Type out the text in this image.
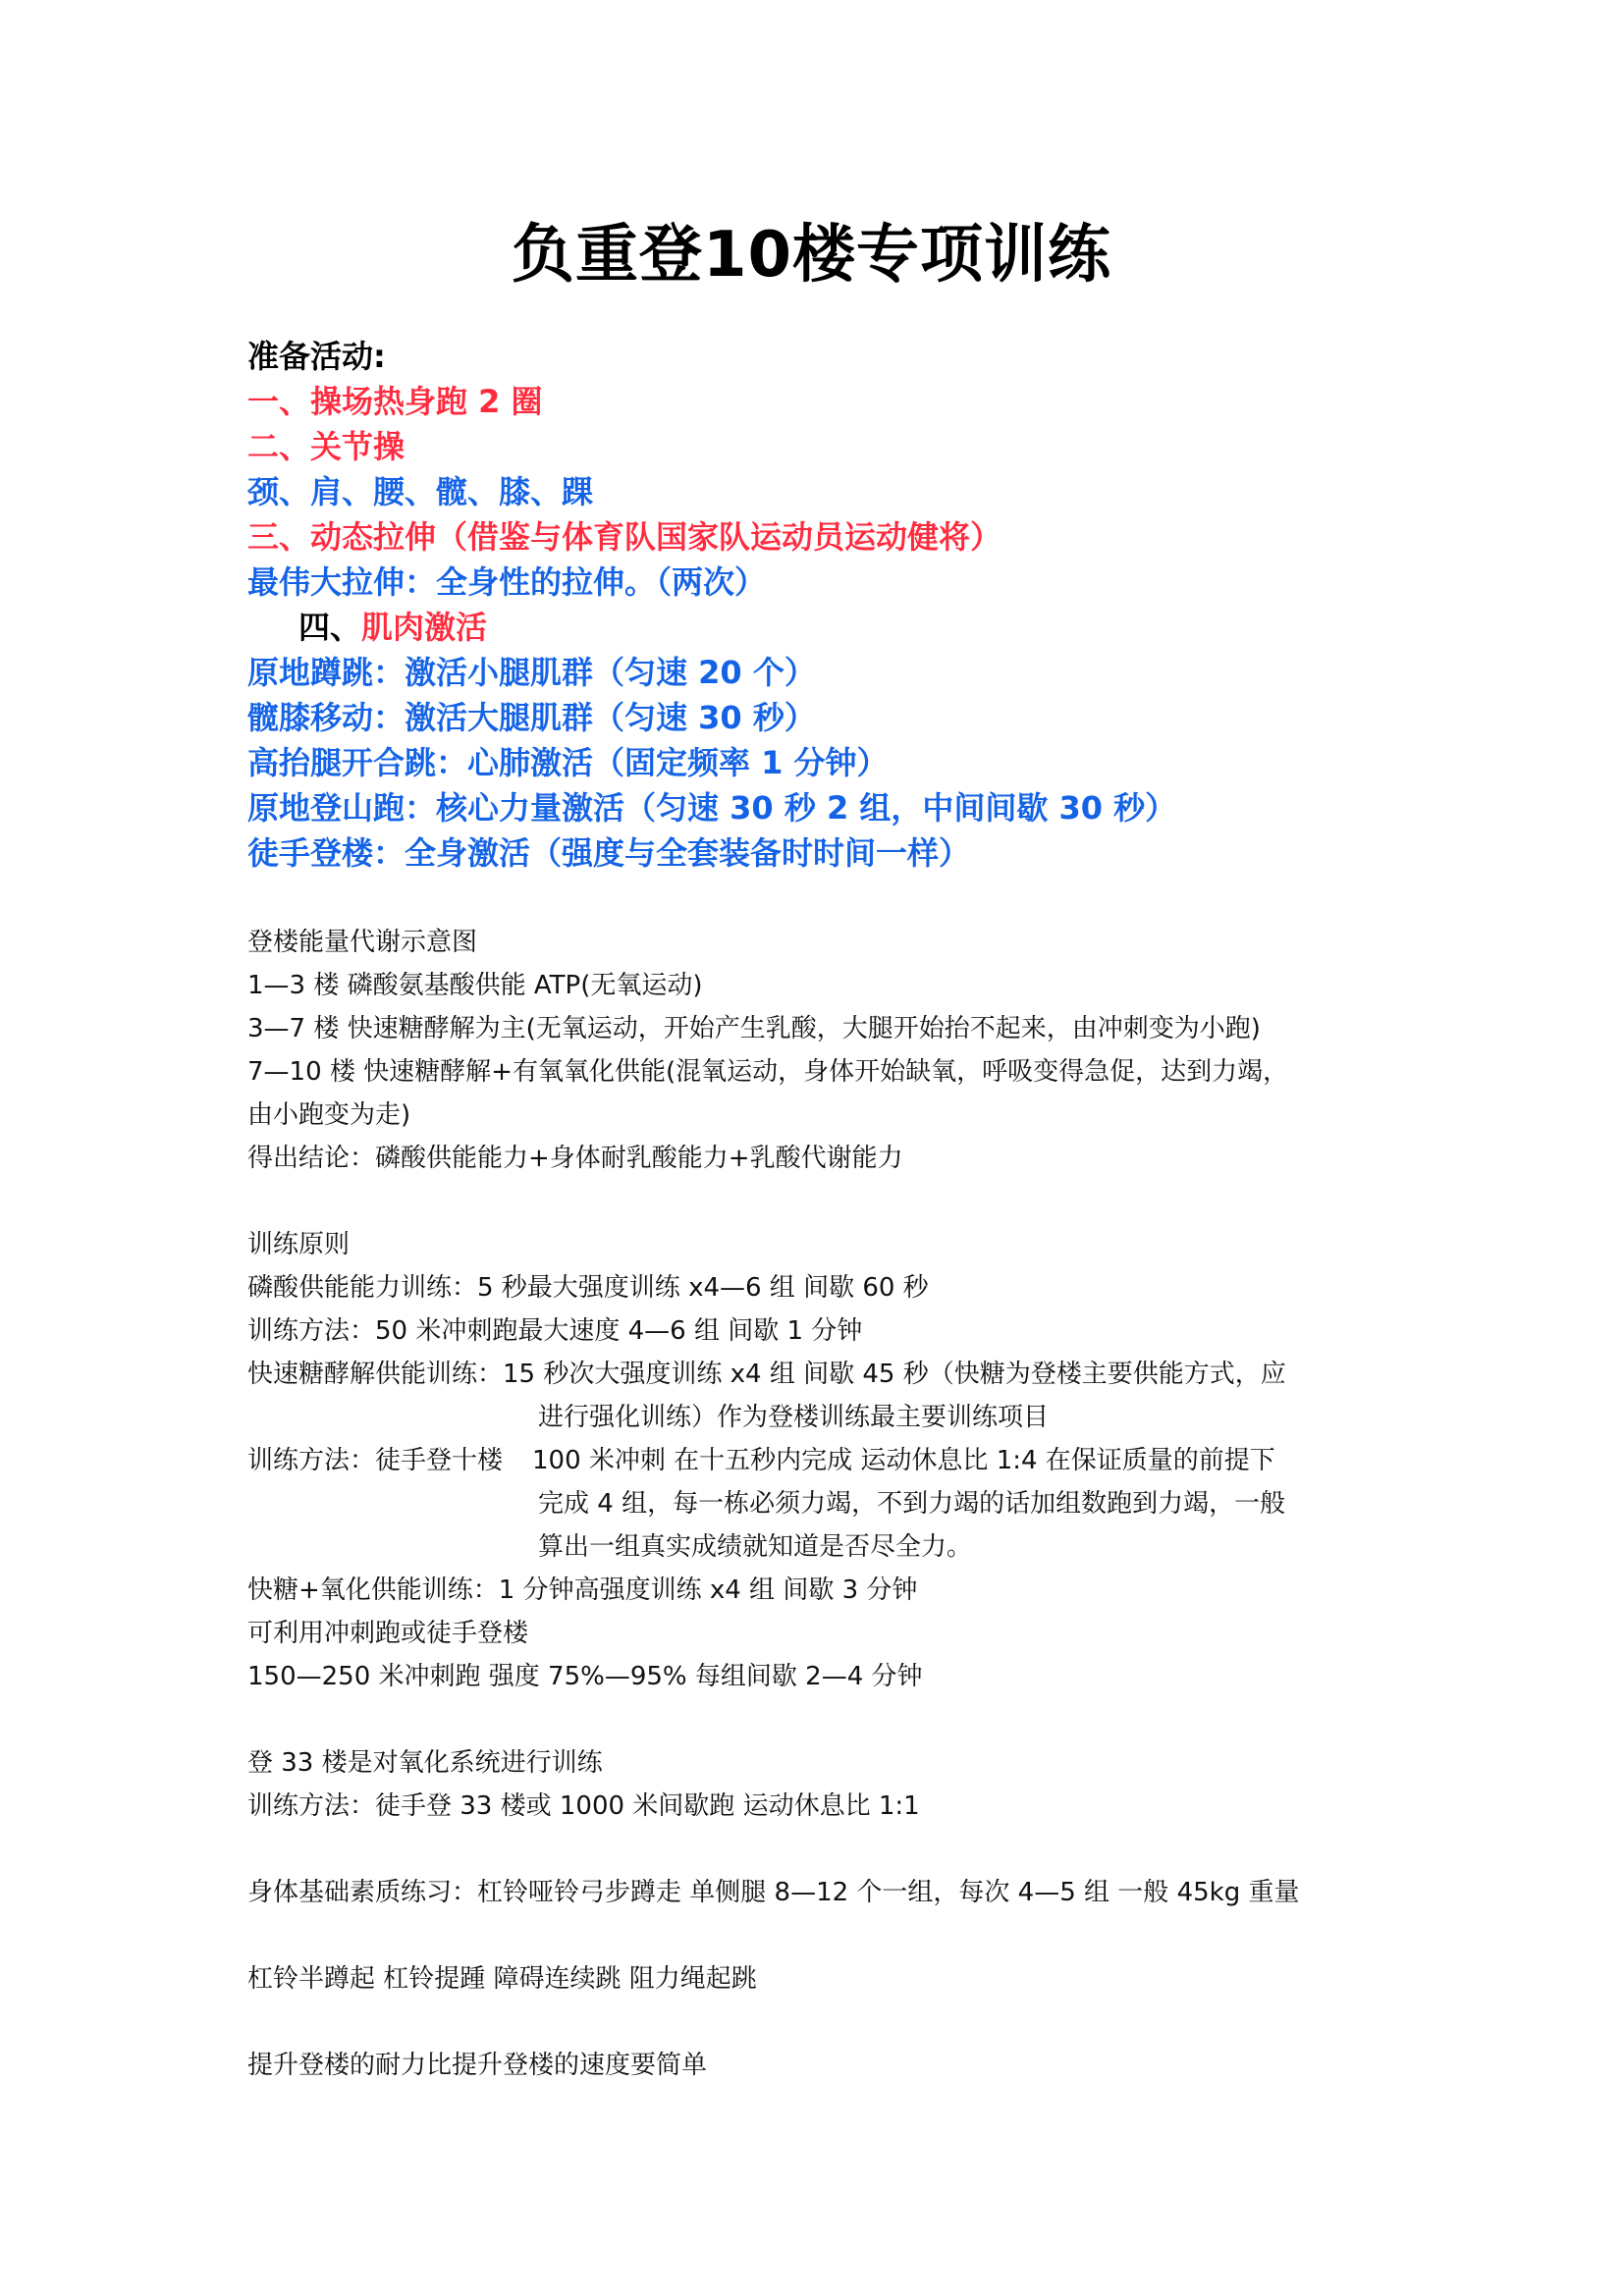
负重登10楼专项训练
准备活动:
一、操场热身跑 2 圈
二、关节操
颈、肩、腰、髋、膝、踝
三、动态拉伸（借鉴与体育队国家队运动员运动健将）
最伟大拉伸：全身性的拉伸。（两次）
四、肌肉激活
原地蹲跳：激活小腿肌群（匀速 20 个）
髋膝移动：激活大腿肌群（匀速 30 秒）
高抬腿开合跳：心肺激活（固定频率 1 分钟）
原地登山跑：核心力量激活（匀速 30 秒 2 组，中间间歇 30 秒）
徒手登楼：全身激活（强度与全套装备时时间一样）
登楼能量代谢示意图
1—3 楼 磷酸氨基酸供能 ATP(无氧运动)
3—7 楼 快速糖酵解为主(无氧运动，开始产生乳酸，大腿开始抬不起来，由冲刺变为小跑)
7—10 楼 快速糖酵解+有氧氧化供能(混氧运动，身体开始缺氧，呼吸变得急促，达到力竭，
由小跑变为走)
得出结论：磷酸供能能力+身体耐乳酸能力+乳酸代谢能力
训练原则
磷酸供能能力训练：5 秒最大强度训练 x4—6 组 间歇 60 秒
训练方法：50 米冲刺跑最大速度 4—6 组 间歇 1 分钟
快速糖酵解供能训练： 15 秒次大强度训练 x4 组 间歇 45 秒（快糖为登楼主要供能方式，应
进行强化训练）作为登楼训练最主要训练项目
训练方法：徒手登十楼 100 米冲刺 在十五秒内完成 运动休息比 1:4 在保证质量的前提下
完成 4 组，每一栋必须力竭，不到力竭的话加组数跑到力竭，一般
算出一组真实成绩就知道是否尽全力。
快糖+氧化供能训练：1 分钟高强度训练 x4 组 间歇 3 分钟
可利用冲刺跑或徒手登楼
150—250 米冲刺跑 强度 75%—95% 每组间歇 2—4 分钟
登 33 楼是对氧化系统进行训练
训练方法：徒手登 33 楼或 1000 米间歇跑 运动休息比 1:1
身体基础素质练习：杠铃哑铃弓步蹲走 单侧腿 8—12 个一组，每次 4—5 组 一般 45kg 重量
杠铃半蹲起 杠铃提踵 障碍连续跳 阻力绳起跳
提升登楼的耐力比提升登楼的速度要简单
